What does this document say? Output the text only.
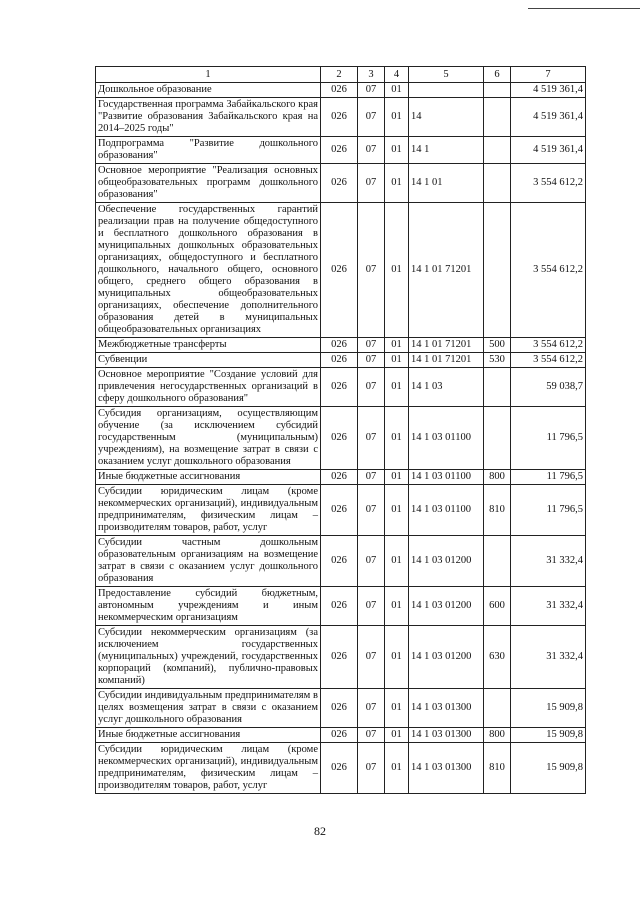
1	2	3	4	5	6	7
Дошкольное образование	026	07	01			4 519 361,4
Государственная программа Забайкальского края "Развитие образования Забайкальского края на 2014–2025 годы"	026	07	01	14		4 519 361,4
Подпрограмма "Развитие дошкольного образования"	026	07	01	14 1		4 519 361,4
Основное мероприятие "Реализация основных общеобразовательных программ дошкольного образования"	026	07	01	14 1 01		3 554 612,2
Обеспечение государственных гарантий реализации прав на получение общедоступного и бесплатного дошкольного образования в муниципальных дошкольных образовательных организациях, общедоступного и бесплатного дошкольного, начального общего, основного общего, среднего общего образования в муниципальных общеобразовательных организациях, обеспечение дополнительного образования детей в муниципальных общеобразовательных организациях	026	07	01	14 1 01 71201		3 554 612,2
Межбюджетные трансферты	026	07	01	14 1 01 71201	500	3 554 612,2
Субвенции	026	07	01	14 1 01 71201	530	3 554 612,2
Основное мероприятие "Создание условий для привлечения негосударственных организаций в сферу дошкольного образования"	026	07	01	14 1 03		59 038,7
Субсидия организациям, осуществляющим обучение (за исключением субсидий государственным (муниципальным) учреждениям), на возмещение затрат в связи с оказанием услуг дошкольного образования	026	07	01	14 1 03 01100		11 796,5
Иные бюджетные ассигнования	026	07	01	14 1 03 01100	800	11 796,5
Субсидии юридическим лицам (кроме некоммерческих организаций), индивидуальным предпринимателям, физическим лицам – производителям товаров, работ, услуг	026	07	01	14 1 03 01100	810	11 796,5
Субсидии частным дошкольным образовательным организациям на возмещение затрат в связи с оказанием услуг дошкольного образования	026	07	01	14 1 03 01200		31 332,4
Предоставление субсидий бюджетным, автономным учреждениям и иным некоммерческим организациям	026	07	01	14 1 03 01200	600	31 332,4
Субсидии некоммерческим организациям (за исключением государственных (муниципальных) учреждений, государственных корпораций (компаний), публично-правовых компаний)	026	07	01	14 1 03 01200	630	31 332,4
Субсидии индивидуальным предпринимателям в целях возмещения затрат в связи с оказанием услуг дошкольного образования	026	07	01	14 1 03 01300		15 909,8
Иные бюджетные ассигнования	026	07	01	14 1 03 01300	800	15 909,8
Субсидии юридическим лицам (кроме некоммерческих организаций), индивидуальным предпринимателям, физическим лицам – производителям товаров, работ, услуг	026	07	01	14 1 03 01300	810	15 909,8
82
